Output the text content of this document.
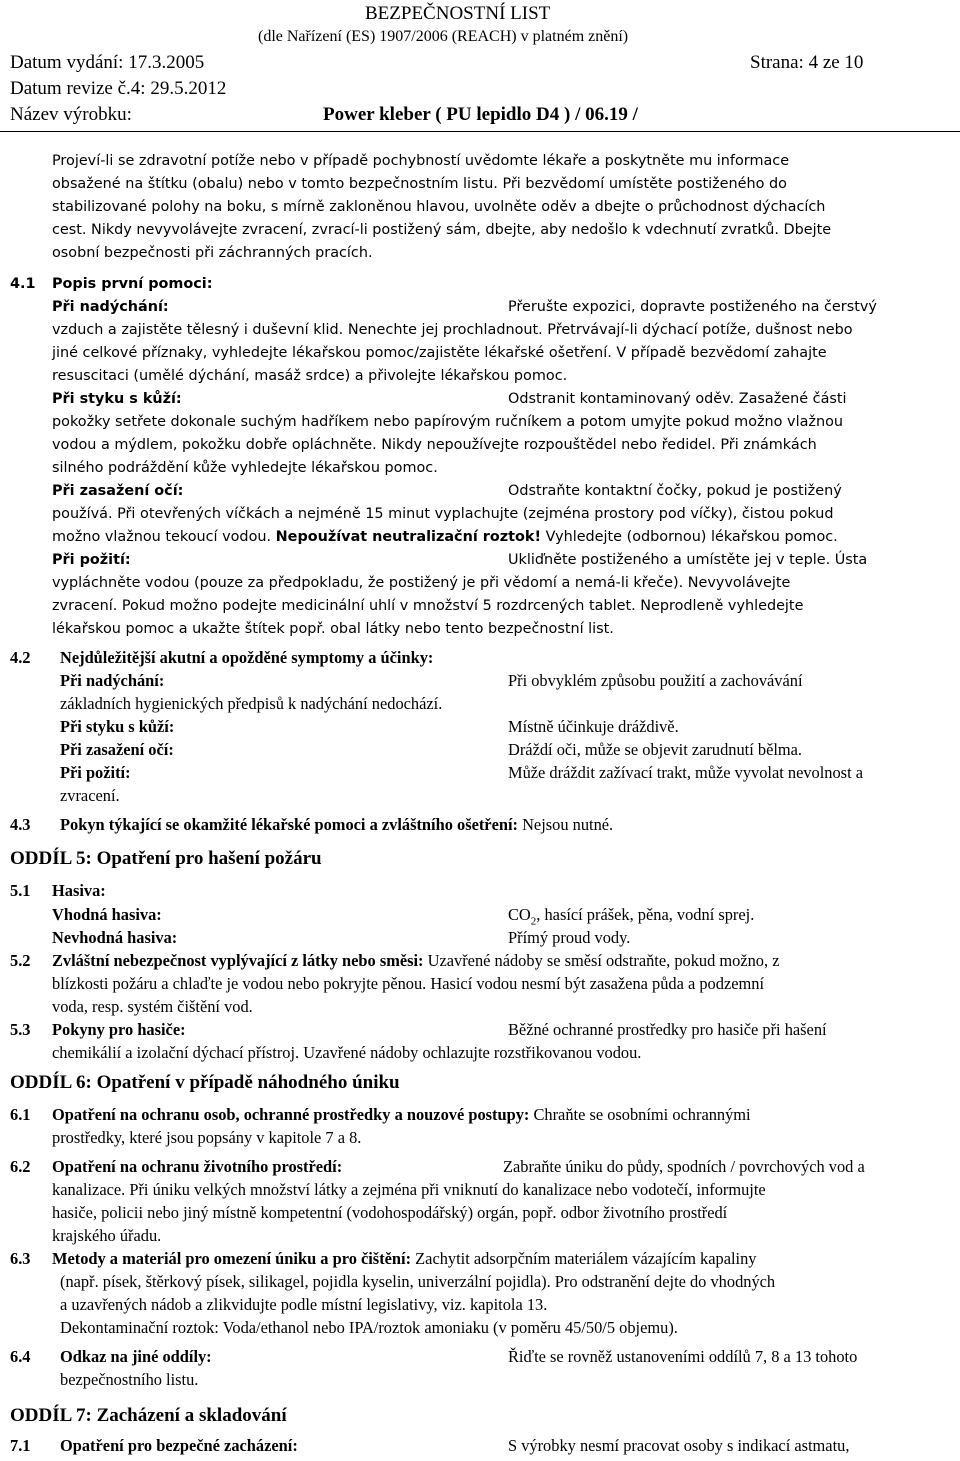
BEZPEČNOSTNÍ LIST
(dle Nařízení (ES) 1907/2006 (REACH) v platném znění)
Datum vydání: 17.3.2005	Strana: 4 ze 10
Datum revize č.4: 29.5.2012
Název výrobku:	Power kleber ( PU lepidlo D4 ) / 06.19 /
Projeví-li se zdravotní potíže nebo v případě pochybností uvědomte lékaře a poskytněte mu informace
obsažené na štítku (obalu) nebo v tomto bezpečnostním listu. Při bezvědomí umístěte postiženého do
stabilizované polohy na boku, s mírně zakloněnou hlavou, uvolněte oděv a dbejte o průchodnost dýchacích
cest. Nikdy nevyvolávejte zvracení, zvrací-li postižený sám, dbejte, aby nedošlo k vdechnutí zvratků. Dbejte
osobní bezpečnosti při záchranných pracích.
4.1 Popis první pomoci:
Při nadýchání:	Přerušte expozici, dopravte postiženého na čerstvý
vzduch a zajistěte tělesný i duševní klid. Nenechte jej prochladnout. Přetrvávají-li dýchací potíže, dušnost nebo
jiné celkové příznaky, vyhledejte lékařskou pomoc/zajistěte lékařské ošetření. V případě bezvědomí zahajte
resuscitaci (umělé dýchání, masáž srdce) a přivolejte lékařskou pomoc.
Při styku s kůží:	Odstranit kontaminovaný oděv. Zasažené části
pokožky setřete dokonale suchým hadříkem nebo papírovým ručníkem a potom umyjte pokud možno vlažnou
vodou a mýdlem, pokožku dobře opláchněte. Nikdy nepoužívejte rozpouštědel nebo ředidel. Při známkách
silného podráždění kůže vyhledejte lékařskou pomoc.
Při zasažení očí:	Odstraňte kontaktní čočky, pokud je postižený
používá. Při otevřených víčkách a nejméně 15 minut vyplachujte (zejména prostory pod víčky), čistou pokud
možno vlažnou tekoucí vodou. Nepoužívat neutralizační roztok! Vyhledejte (odbornou) lékařskou pomoc.
Při požití:	Ukliďněte postiženého a umístěte jej v teple. Ústa
vypláchněte vodou (pouze za předpokladu, že postižený je při vědomí a nemá-li křeče). Nevyvolávejte
zvracení. Pokud možno podejte medicinální uhlí v množství 5 rozdrcených tablet. Neprodleně vyhledejte
lékařskou pomoc a ukažte štítek popř. obal látky nebo tento bezpečnostní list.
4.2 Nejdůležitější akutní a opožděné symptomy a účinky:
Při nadýchání:	Při obvyklém způsobu použití a zachovávání
základních hygienických předpisů k nadýchání nedochází.
Při styku s kůží:	Místně účinkuje dráždivě.
Při zasažení očí:	Dráždí oči, může se objevit zarudnutí bělma.
Při požití:	Může dráždit zažívací trakt, může vyvolat nevolnost a
zvracení.
4.3 Pokyn týkající se okamžité lékařské pomoci a zvláštního ošetření: Nejsou nutné.
ODDÍL 5: Opatření pro hašení požáru
5.1 Hasiva:
Vhodná hasiva:	$CO_2$, hasící prášek, pěna, vodní sprej.
Nevhodná hasiva:	Přímý proud vody.
5.2 Zvláštní nebezpečnost vyplývající z látky nebo směsi: Uzavřené nádoby se směsí odstraňte, pokud možno, z
blízkosti požáru a chlaďte je vodou nebo pokryjte pěnou. Hasicí vodou nesmí být zasažena půda a podzemní
voda, resp. systém čištění vod.
5.3 Pokyny pro hasiče:	Běžné ochranné prostředky pro hasiče při hašení
chemikálií a izolační dýchací přístroj. Uzavřené nádoby ochlazujte rozstřikovanou vodou.
ODDÍL 6: Opatření v případě náhodného úniku
6.1 Opatření na ochranu osob, ochranné prostředky a nouzové postupy: Chraňte se osobními ochrannými
prostředky, které jsou popsány v kapitole 7 a 8.
6.2 Opatření na ochranu životního prostředí:	Zabraňte úniku do půdy, spodních / povrchových vod a
kanalizace. Při úniku velkých množství látky a zejména při vniknutí do kanalizace nebo vodotečí, informujte
hasiče, policii nebo jiný místně kompetentní (vodohospodářský) orgán, popř. odbor životního prostředí
krajského úřadu.
6.3 Metody a materiál pro omezení úniku a pro čištění: Zachytit adsorpčním materiálem vázajícím kapaliny
(např. písek, štěrkový písek, silikagel, pojidla kyselin, univerzální pojidla). Pro odstranění dejte do vhodných
a uzavřených nádob a zlikvidujte podle místní legislativy, viz. kapitola 13.
Dekontaminační roztok: Voda/ethanol nebo IPA/roztok amoniaku (v poměru 45/50/5 objemu).
6.4 Odkaz na jiné oddíly:	Řiďte se rovněž ustanoveními oddílů 7, 8 a 13 tohoto
bezpečnostního listu.
ODDÍL 7: Zacházení a skladování
7.1 Opatření pro bezpečné zacházení:	S výrobky nesmí pracovat osoby s indikací astmatu,
